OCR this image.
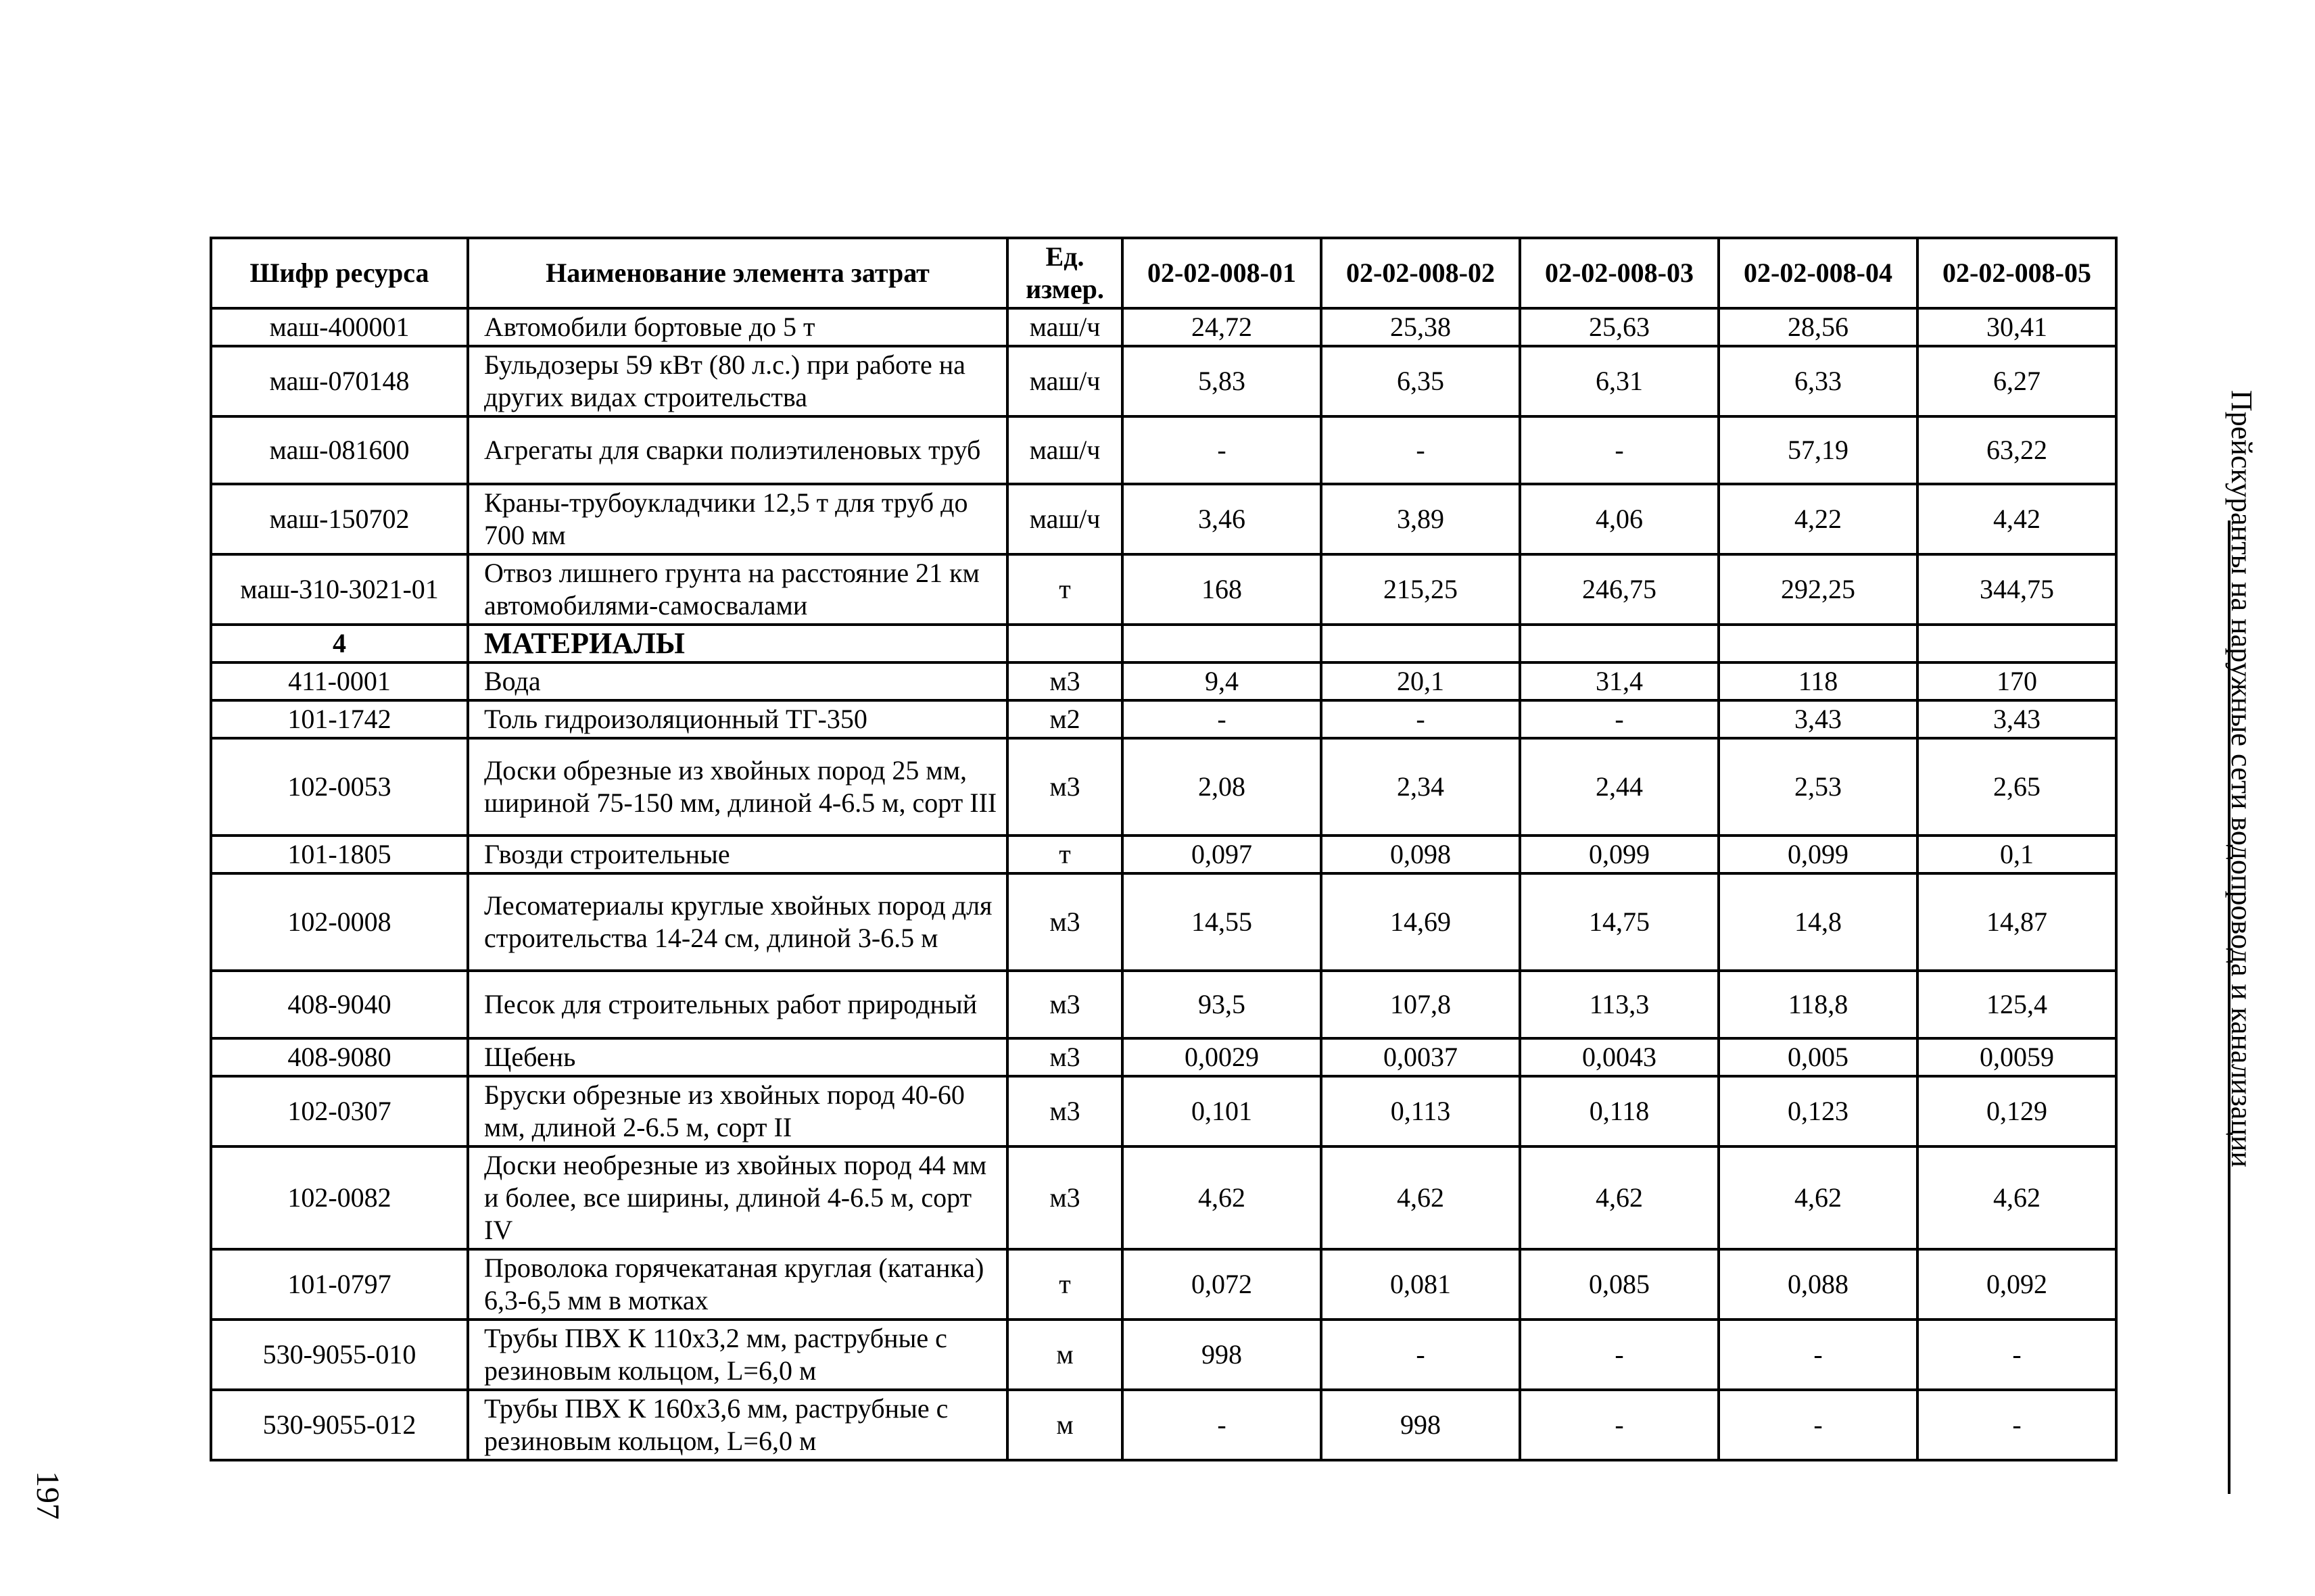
Шифр ресурса	Наименование элемента затрат	Ед. измер.	02-02-008-01	02-02-008-02	02-02-008-03	02-02-008-04	02-02-008-05
маш-400001	Автомобили бортовые до 5 т	маш/ч	24,72	25,38	25,63	28,56	30,41
маш-070148	Бульдозеры 59 кВт (80 л.с.) при работе на других видах строительства	маш/ч	5,83	6,35	6,31	6,33	6,27
маш-081600	Агрегаты для сварки полиэтиленовых труб	маш/ч	-	-	-	57,19	63,22
маш-150702	Краны-трубоукладчики 12,5 т для труб до 700 мм	маш/ч	3,46	3,89	4,06	4,22	4,42
маш-310-3021-01	Отвоз лишнего грунта на расстояние 21 км автомобилями-самосвалами	т	168	215,25	246,75	292,25	344,75
4	МАТЕРИАЛЫ						
411-0001	Вода	м3	9,4	20,1	31,4	118	170
101-1742	Толь гидроизоляционный ТГ-350	м2	-	-	-	3,43	3,43
102-0053	Доски обрезные из хвойных пород 25 мм, шириной 75-150 мм, длиной 4-6.5 м, сорт III	м3	2,08	2,34	2,44	2,53	2,65
101-1805	Гвозди строительные	т	0,097	0,098	0,099	0,099	0,1
102-0008	Лесоматериалы круглые хвойных пород для строительства 14-24 см, длиной 3-6.5 м	м3	14,55	14,69	14,75	14,8	14,87
408-9040	Песок для строительных работ природный	м3	93,5	107,8	113,3	118,8	125,4
408-9080	Щебень	м3	0,0029	0,0037	0,0043	0,005	0,0059
102-0307	Бруски обрезные из хвойных пород 40-60 мм, длиной 2-6.5 м, сорт II	м3	0,101	0,113	0,118	0,123	0,129
102-0082	Доски необрезные из хвойных пород 44 мм и более, все ширины, длиной 4-6.5 м, сорт IV	м3	4,62	4,62	4,62	4,62	4,62
101-0797	Проволока горячекатаная круглая (катанка) 6,3-6,5 мм в мотках	т	0,072	0,081	0,085	0,088	0,092
530-9055-010	Трубы ПВХ К 110х3,2 мм, раструбные с резиновым кольцом, L=6,0 м	м	998	-	-	-	-
530-9055-012	Трубы ПВХ К 160х3,6 мм, раструбные с резиновым кольцом, L=6,0 м	м	-	998	-	-	-
Прейскуранты на наружные сети водопровода и канализации
197
